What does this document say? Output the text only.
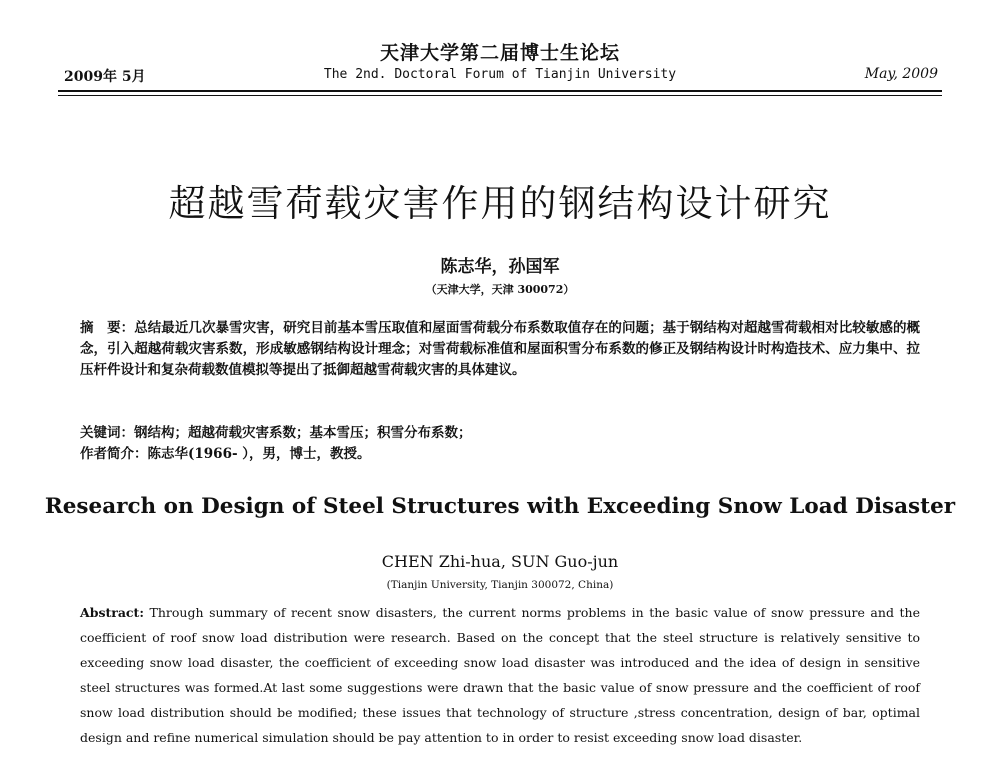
天津大学第二届博士生论坛
2009年 5月	The 2nd. Doctoral Forum of Tianjin University	May, 2009
超越雪荷载灾害作用的钢结构设计研究
陈志华，孙国军
（天津大学，天津 300072）
摘　要：总结最近几次暴雪灾害，研究目前基本雪压取值和屋面雪荷载分布系数取值存在的问题；基于钢结构对超越雪荷载相对比较敏感的概念，引入超越荷载灾害系数，形成敏感钢结构设计理念；对雪荷载标准值和屋面积雪分布系数的修正及钢结构设计时构造技术、应力集中、拉压杆件设计和复杂荷载数值模拟等提出了抵御超越雪荷载灾害的具体建议。
关键词：钢结构；超越荷载灾害系数；基本雪压；积雪分布系数；
作者简介：陈志华(1966- ），男，博士，教授。
Research on Design of Steel Structures with Exceeding Snow Load Disaster
CHEN Zhi-hua, SUN Guo-jun
(Tianjin University, Tianjin 300072, China)
Abstract: Through summary of recent snow disasters, the current norms problems in the basic value of snow pressure and the coefficient of roof snow load distribution were research. Based on the concept that the steel structure is relatively sensitive to exceeding snow load disaster, the coefficient of exceeding snow load disaster was introduced and the idea of design in sensitive steel structures was formed.At last some suggestions were drawn that the basic value of snow pressure and the coefficient of roof snow load distribution should be modified; these issues that technology of structure ,stress concentration, design of bar, optimal design and refine numerical simulation should be pay attention to in order to resist exceeding snow load disaster.
